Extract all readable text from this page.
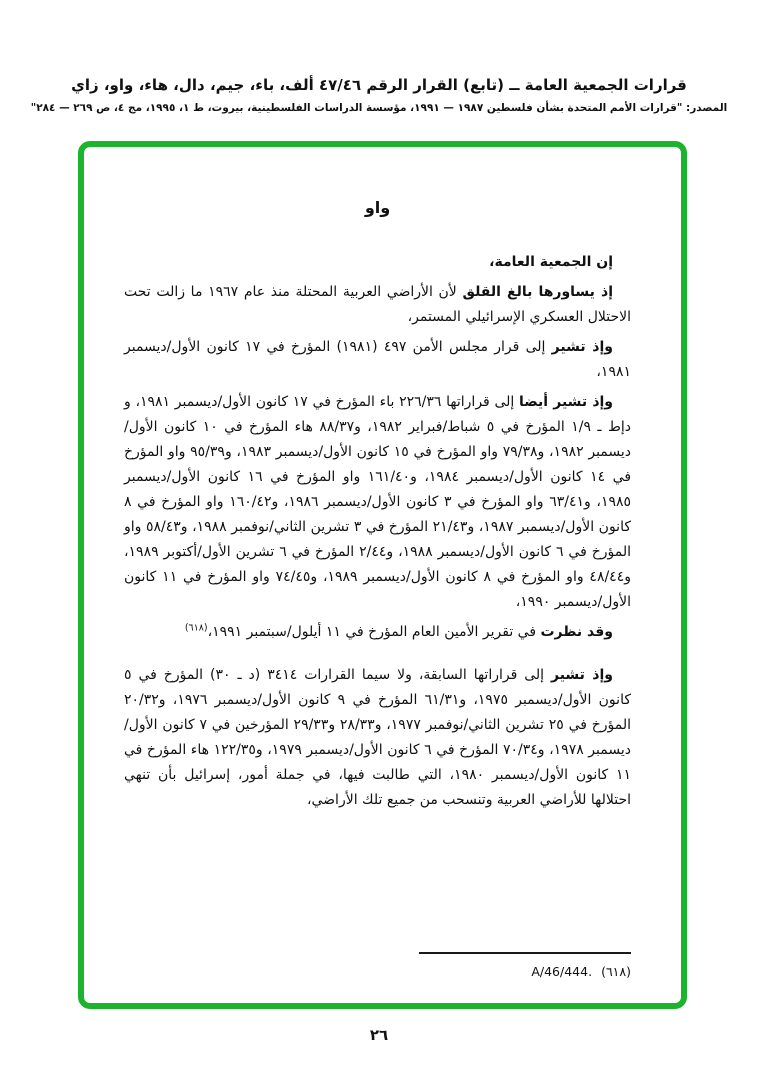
قرارات الجمعية العامة ــ (تابع) القرار الرقم ٤٧/٤٦ ألف، باء، جيم، دال، هاء، واو، زاي
المصدر: "قرارات الأمم المتحدة بشأن فلسطين ١٩٨٧ — ١٩٩١، مؤسسة الدراسات الفلسطينية، بيروت، ط ١، ١٩٩٥، مج ٤، ص ٢٦٩ — ٢٨٤"
واو

إن الجمعية العامة،

إذ يساورها بالغ القلق لأن الأراضي العربية المحتلة منذ عام ١٩٦٧ ما زالت تحت الاحتلال العسكري الإسرائيلي المستمر،

وإذ تشير إلى قرار مجلس الأمن ٤٩٧ (١٩٨١) المؤرخ في ١٧ كانون الأول/ديسمبر ١٩٨١،

وإذ تشير أيضا إلى قراراتها ٢٢٦/٣٦ باء المؤرخ في ١٧ كانون الأول/ديسمبر ١٩٨١، و دإط ـ ١/٩ المؤرخ في ٥ شباط/فبراير ١٩٨٢، و٨٨/٣٧ هاء المؤرخ في ١٠ كانون الأول/ديسمبر ١٩٨٢، و٧٩/٣٨ واو المؤرخ في ١٥ كانون الأول/ديسمبر ١٩٨٣، و٩٥/٣٩ واو المؤرخ في ١٤ كانون الأول/ديسمبر ١٩٨٤، و١٦١/٤٠ واو المؤرخ في ١٦ كانون الأول/ديسمبر ١٩٨٥، و٦٣/٤١ واو المؤرخ في ٣ كانون الأول/ديسمبر ١٩٨٦، و١٦٠/٤٢ واو المؤرخ في ٨ كانون الأول/ديسمبر ١٩٨٧، و٢١/٤٣ المؤرخ في ٣ تشرين الثاني/نوفمبر ١٩٨٨، و٥٨/٤٣ واو المؤرخ في ٦ كانون الأول/ديسمبر ١٩٨٨، و٢/٤٤ المؤرخ في ٦ تشرين الأول/أكتوبر ١٩٨٩، و٤٨/٤٤ واو المؤرخ في ٨ كانون الأول/ديسمبر ١٩٨٩، و٧٤/٤٥ واو المؤرخ في ١١ كانون الأول/ديسمبر ١٩٩٠،

وقد نظرت في تقرير الأمين العام المؤرخ في ١١ أيلول/سبتمبر ١٩٩١،$^{(٦١٨)}$

وإذ تشير إلى قراراتها السابقة، ولا سيما القرارات ٣٤١٤ (د ـ ٣٠) المؤرخ في ٥ كانون الأول/ديسمبر ١٩٧٥، و٦١/٣١ المؤرخ في ٩ كانون الأول/ديسمبر ١٩٧٦، و٢٠/٣٢ المؤرخ في ٢٥ تشرين الثاني/نوفمبر ١٩٧٧، و٢٨/٣٣ و٢٩/٣٣ المؤرخين في ٧ كانون الأول/ديسمبر ١٩٧٨، و٧٠/٣٤ المؤرخ في ٦ كانون الأول/ديسمبر ١٩٧٩، و١٢٢/٣٥ هاء المؤرخ في ١١ كانون الأول/ديسمبر ١٩٨٠، التي طالبت فيها، في جملة أمور، إسرائيل بأن تنهي احتلالها للأراضي العربية وتنسحب من جميع تلك الأراضي،

(٦١٨)A/46/444.
٢٦
